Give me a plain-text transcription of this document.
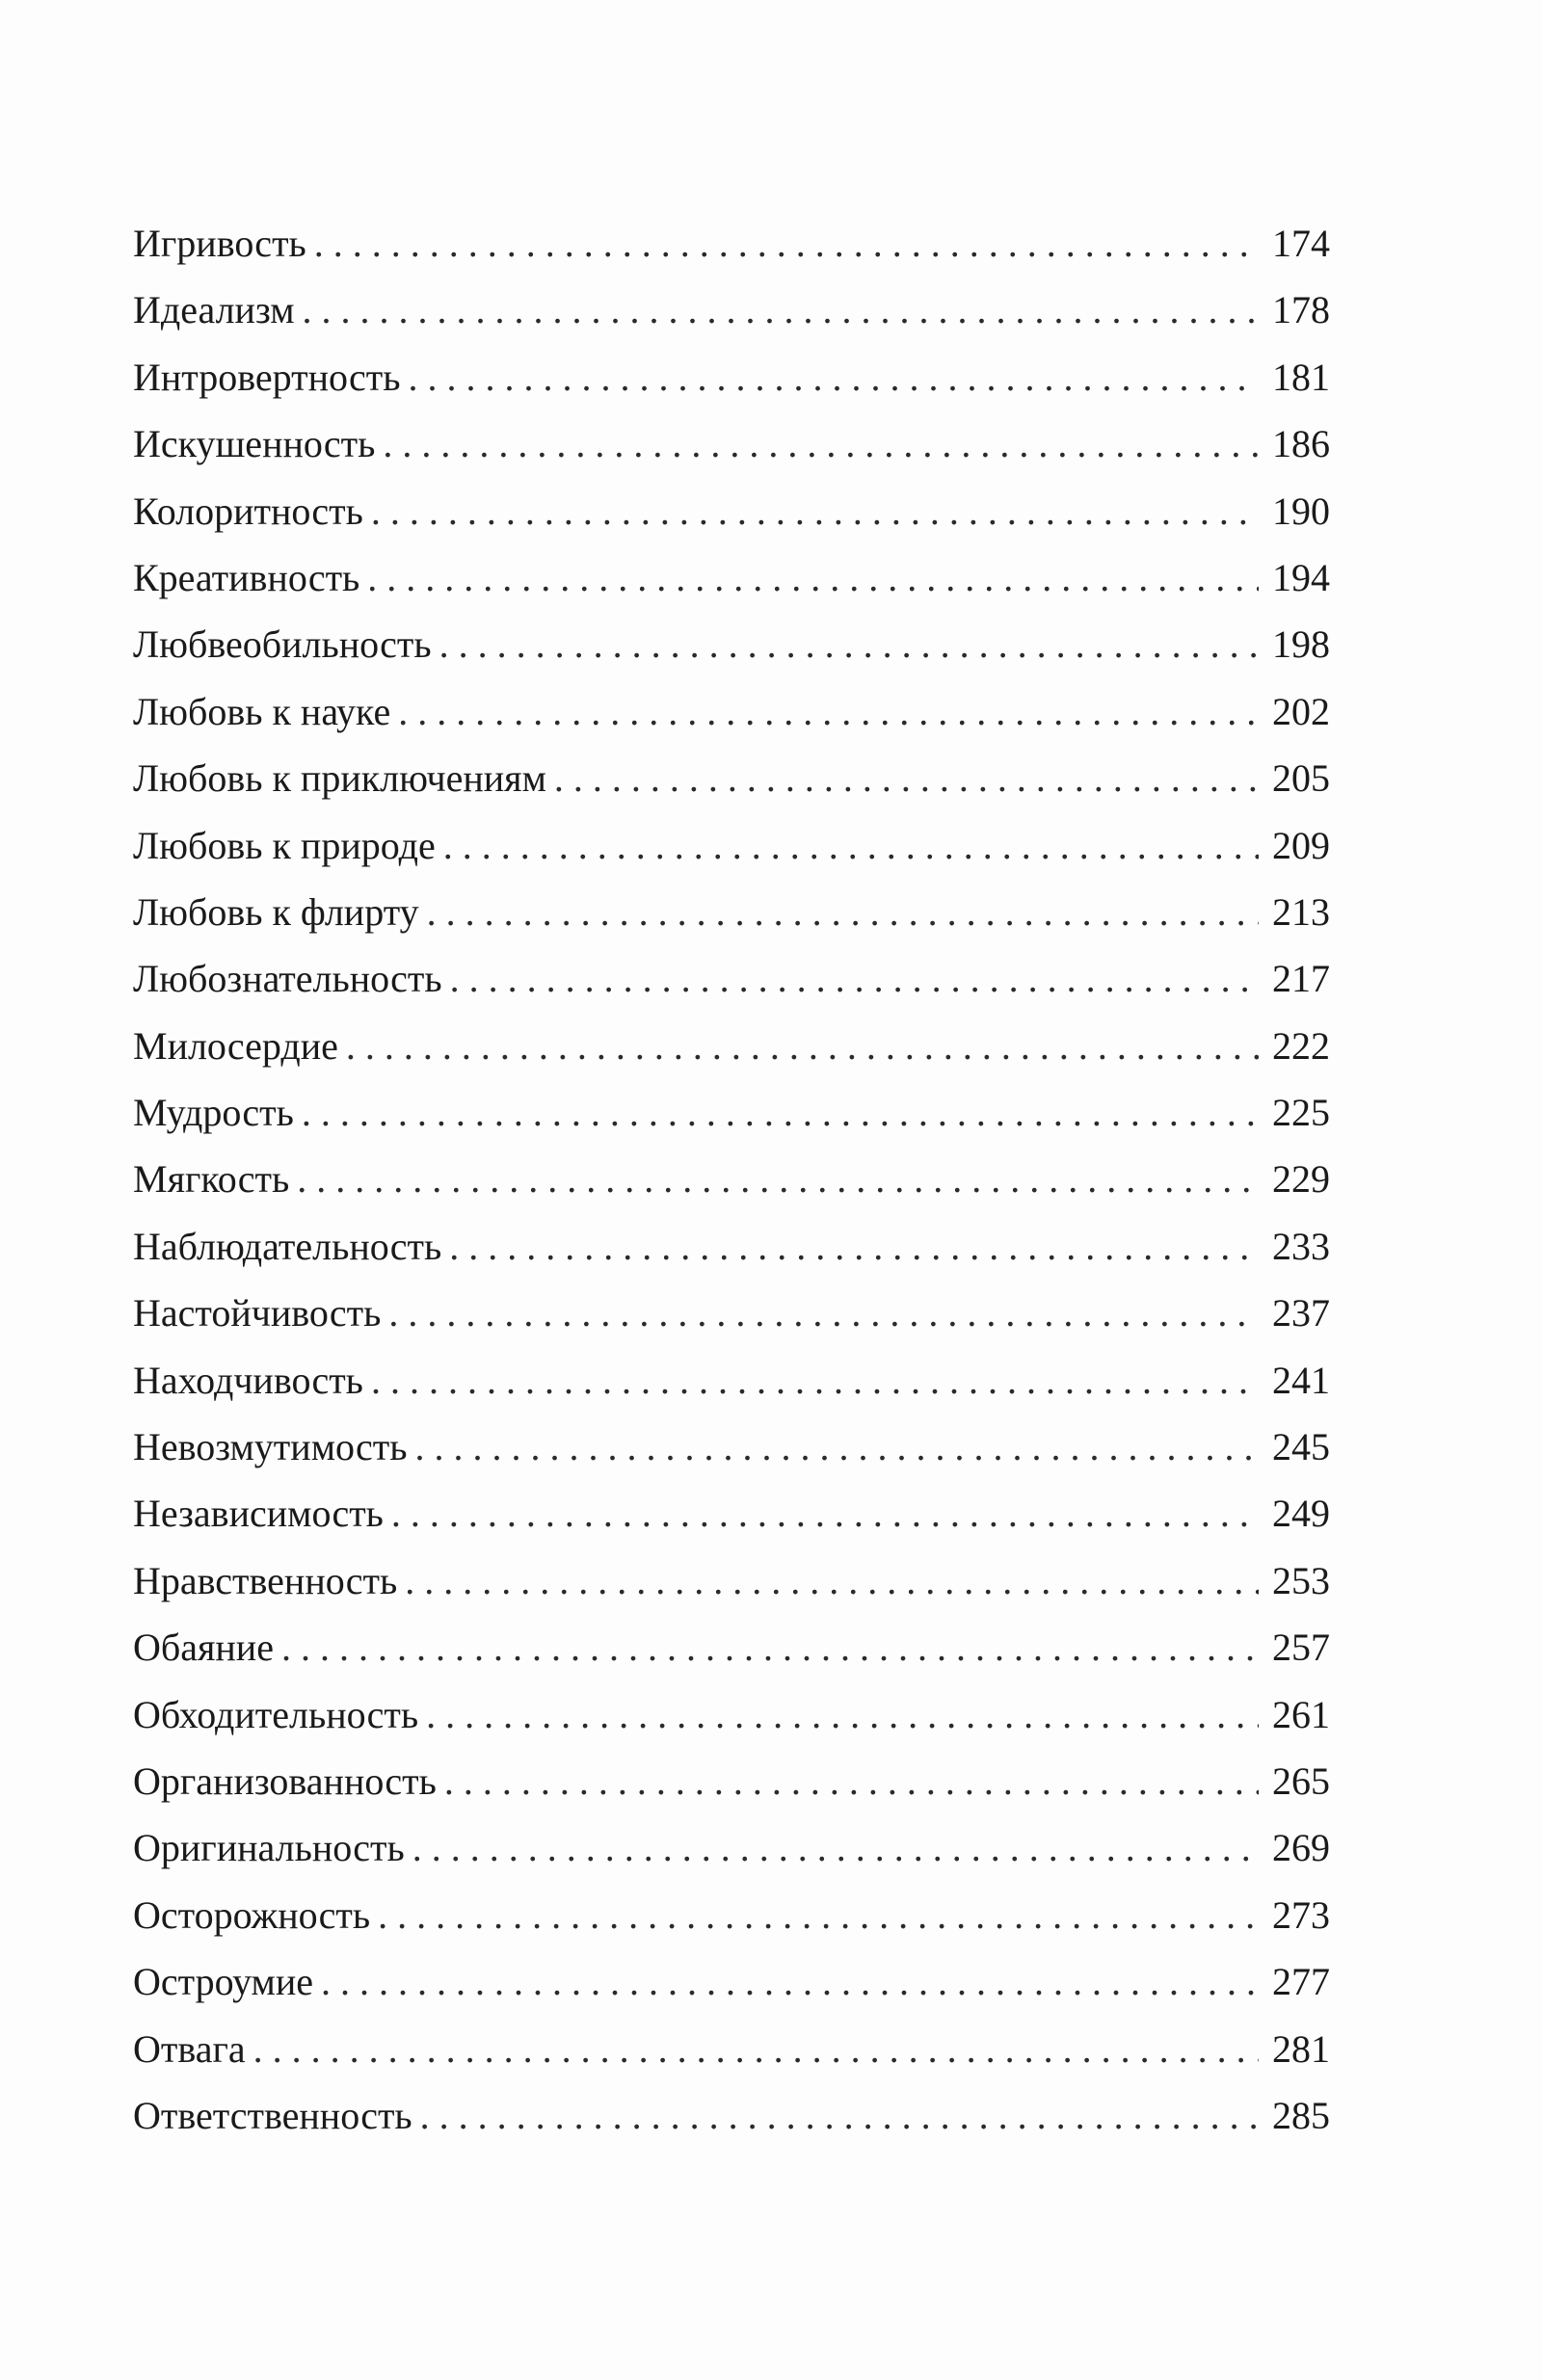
Игривость . . .	174
Идеализм . . .	178
Интровертность . . .	181
Искушенность . . .	186
Колоритность . . .	190
Креативность . . .	194
Любвеобильность . . .	198
Любовь к науке . . .	202
Любовь к приключениям . . .	205
Любовь к природе . . .	209
Любовь к флирту . . .	213
Любознательность . . .	217
Милосердие . . .	222
Мудрость . . .	225
Мягкость . . .	229
Наблюдательность . . .	233
Настойчивость . . .	237
Находчивость . . .	241
Невозмутимость . . .	245
Независимость . . .	249
Нравственность . . .	253
Обаяние . . .	257
Обходительность . . .	261
Организованность . . .	265
Оригинальность . . .	269
Осторожность . . .	273
Остроумие . . .	277
Отвага . . .	281
Ответственность . . .	285
